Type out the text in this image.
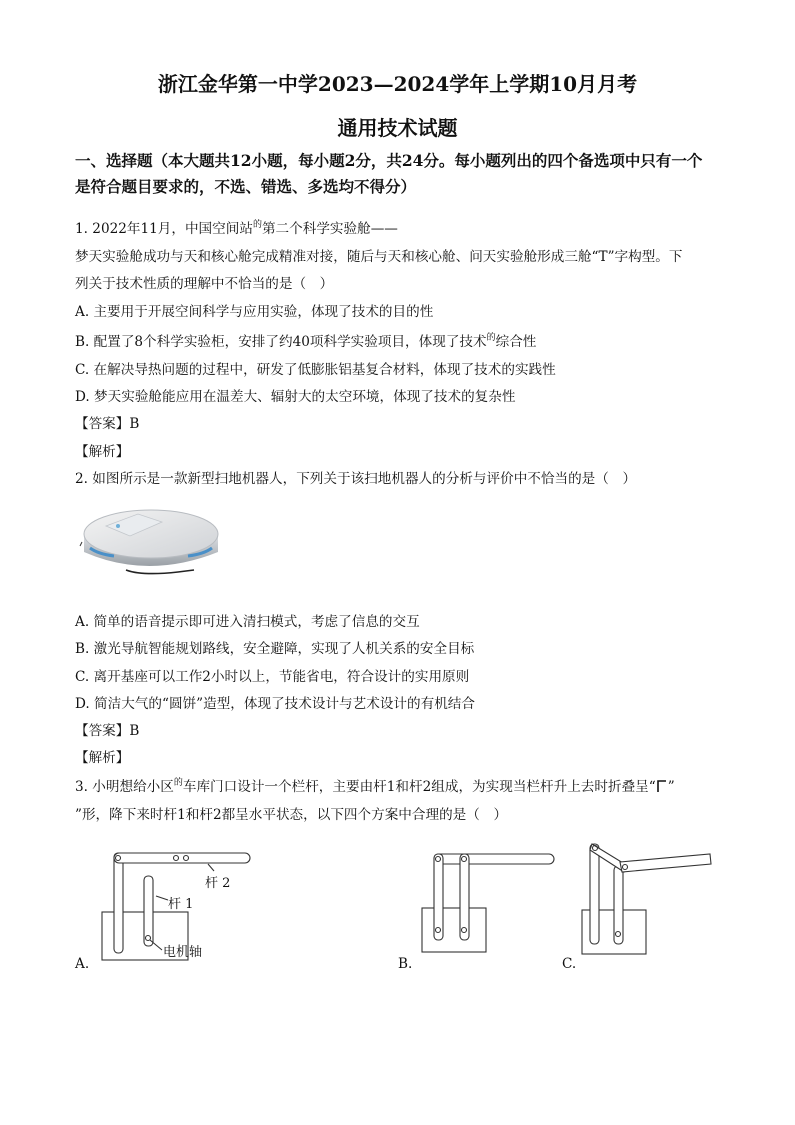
浙江金华第一中学2023—2024学年上学期10月月考
通用技术试题
一、选择题（本大题共12小题，每小题2分，共24分。每小题列出的四个备选项中只有一个
是符合题目要求的，不选、错选、多选均不得分）
1. 2022年11月，中国空间站$^的$第二个科学实验舱——
梦天实验舱成功与天和核心舱完成精准对接，随后与天和核心舱、问天实验舱形成三舱“T”字构型。下
列关于技术性质的理解中不恰当的是（　）
A. 主要用于开展空间科学与应用实验，体现了技术的目的性
B. 配置了8个科学实验柜，安排了约40项科学实验项目，体现了技术$^的$综合性
C. 在解决导热问题的过程中，研发了低膨胀铝基复合材料，体现了技术的实践性
D. 梦天实验舱能应用在温差大、辐射大的太空环境，体现了技术的复杂性
【答案】B
【解析】
2. 如图所示是一款新型扫地机器人，下列关于该扫地机器人的分析与评价中不恰当的是（　）
A. 简单的语音提示即可进入清扫模式，考虑了信息的交互
B. 激光导航智能规划路线，安全避障，实现了人机关系的安全目标
C. 离开基座可以工作2小时以上，节能省电，符合设计的实用原则
D. 简洁大气的“圆饼”造型，体现了技术设计与艺术设计的有机结合
【答案】B
【解析】
3. 小明想给小区$^的$车库门口设计一个栏杆，主要由杆1和杆2组成，为实现当栏杆升上去时折叠呈“ ”
”形，降下来时杆1和杆2都呈水平状态，以下四个方案中合理的是（　）
杆 2
杆 1
电机轴
A.	B.	C.
